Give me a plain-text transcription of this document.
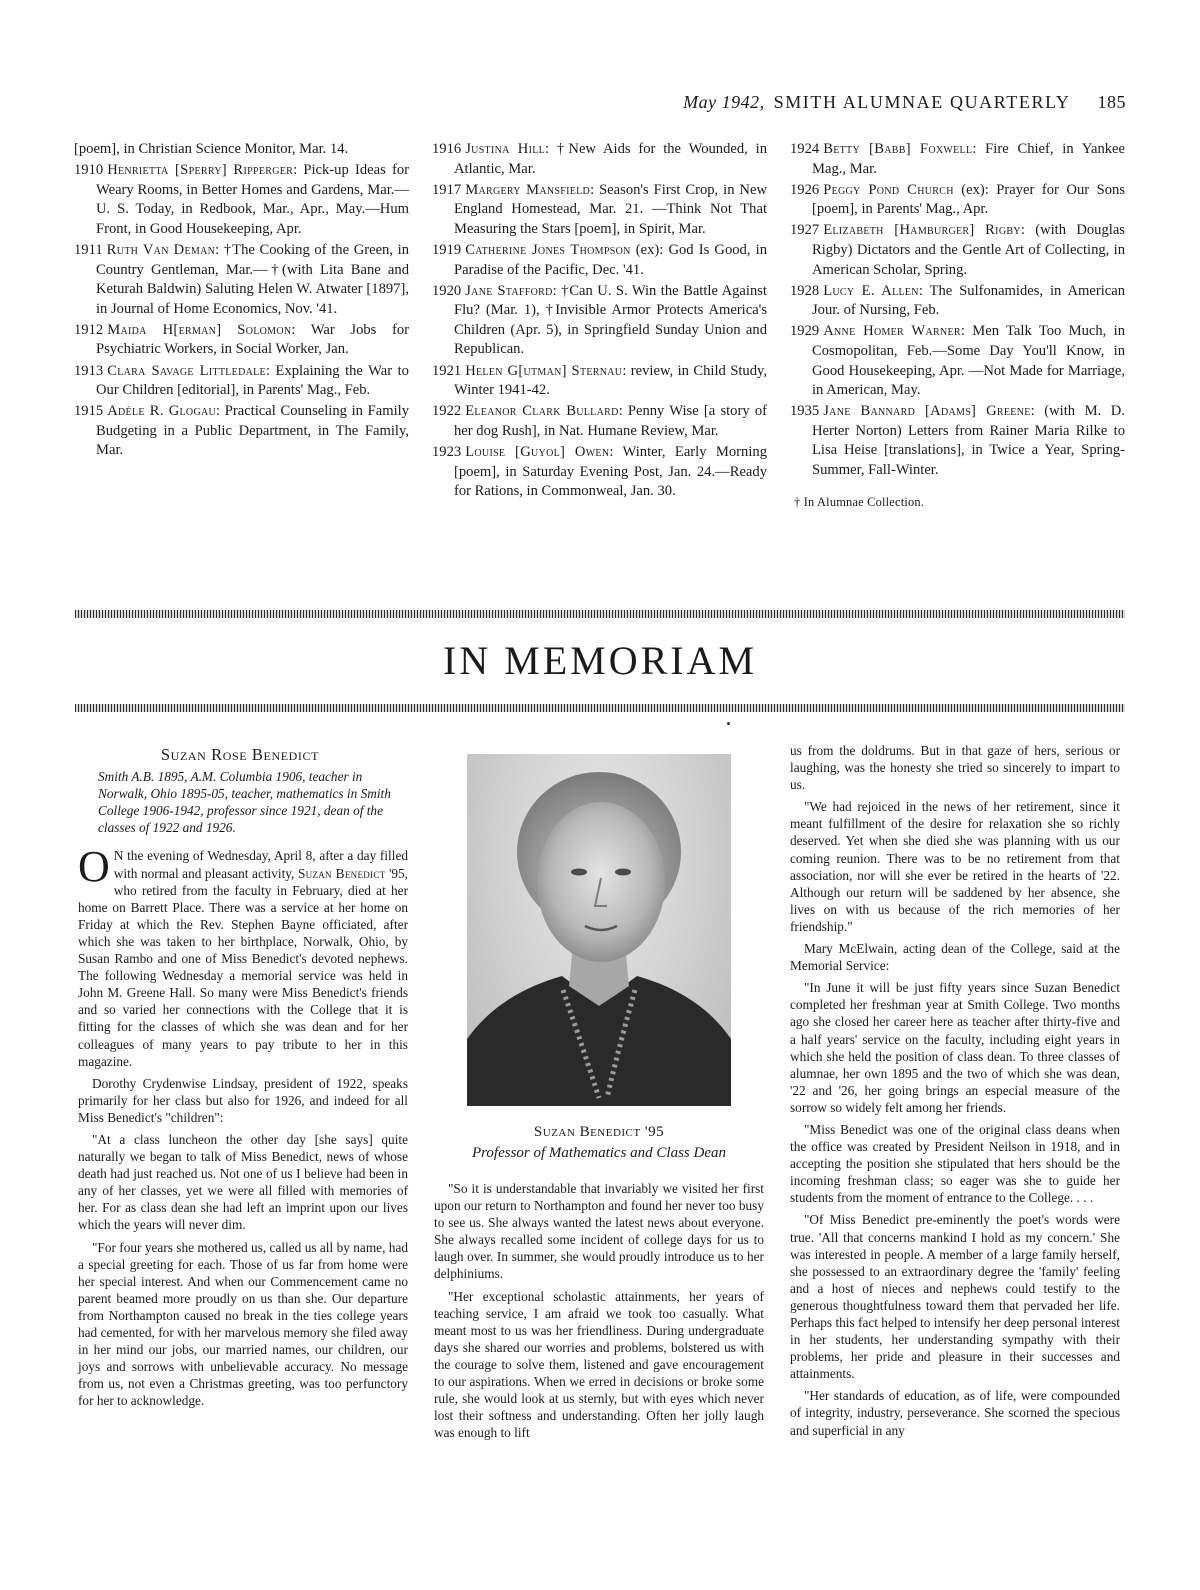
May 1942, SMITH ALUMNAE QUARTERLY 185

[poem], in Christian Science Monitor, Mar. 14.

1910 Henrietta [Sperry] Ripperger: Pick-up Ideas for Weary Rooms, in Better Homes and Gardens, Mar.—U. S. Today, in Redbook, Mar., Apr., May.—Hum Front, in Good Housekeeping, Apr.

1911 Ruth Van Deman: †The Cooking of the Green, in Country Gentleman, Mar.—†(with Lita Bane and Keturah Baldwin) Saluting Helen W. Atwater [1897], in Journal of Home Economics, Nov. '41.

1912 Maida H[erman] Solomon: War Jobs for Psychiatric Workers, in Social Worker, Jan.

1913 Clara Savage Littledale: Explaining the War to Our Children [editorial], in Parents' Mag., Feb.

1915 Adèle R. Glogau: Practical Counseling in Family Budgeting in a Public Department, in The Family, Mar.

1916 Justina Hill: †New Aids for the Wounded, in Atlantic, Mar.

1917 Margery Mansfield: Season's First Crop, in New England Homestead, Mar. 21. —Think Not That Measuring the Stars [poem], in Spirit, Mar.

1919 Catherine Jones Thompson (ex): God Is Good, in Paradise of the Pacific, Dec. '41.

1920 Jane Stafford: †Can U. S. Win the Battle Against Flu? (Mar. 1), †Invisible Armor Protects America's Children (Apr. 5), in Springfield Sunday Union and Republican.

1921 Helen G[utman] Sternau: review, in Child Study, Winter 1941-42.

1922 Eleanor Clark Bullard: Penny Wise [a story of her dog Rush], in Nat. Humane Review, Mar.

1923 Louise [Guyol] Owen: Winter, Early Morning [poem], in Saturday Evening Post, Jan. 24.—Ready for Rations, in Commonweal, Jan. 30.

1924 Betty [Babb] Foxwell: Fire Chief, in Yankee Mag., Mar.

1926 Peggy Pond Church (ex): Prayer for Our Sons [poem], in Parents' Mag., Apr.

1927 Elizabeth [Hamburger] Rigby: (with Douglas Rigby) Dictators and the Gentle Art of Collecting, in American Scholar, Spring.

1928 Lucy E. Allen: The Sulfonamides, in American Jour. of Nursing, Feb.

1929 Anne Homer Warner: Men Talk Too Much, in Cosmopolitan, Feb.—Some Day You'll Know, in Good Housekeeping, Apr. —Not Made for Marriage, in American, May.

1935 Jane Bannard [Adams] Greene: (with M. D. Herter Norton) Letters from Rainer Maria Rilke to Lisa Heise [translations], in Twice a Year, Spring-Summer, Fall-Winter.

† In Alumnae Collection.
IN MEMORIAM

Suzan Rose Benedict

Smith A.B. 1895, A.M. Columbia 1906, teacher in Norwalk, Ohio 1895-05, teacher, mathematics in Smith College 1906-1942, professor since 1921, dean of the classes of 1922 and 1926.

O N the evening of Wednesday, April 8, after a day filled with normal and pleasant activity, Suzan Benedict '95, who retired from the faculty in February, died at her home on Barrett Place. There was a service at her home on Friday at which the Rev. Stephen Bayne officiated, after which she was taken to her birthplace, Norwalk, Ohio, by Susan Rambo and one of Miss Benedict's devoted nephews. The following Wednesday a memorial service was held in John M. Greene Hall. So many were Miss Benedict's friends and so varied her connections with the College that it is fitting for the classes of which she was dean and for her colleagues of many years to pay tribute to her in this magazine.

Dorothy Crydenwise Lindsay, president of 1922, speaks primarily for her class but also for 1926, and indeed for all Miss Benedict's "children":

"At a class luncheon the other day [she says] quite naturally we began to talk of Miss Benedict, news of whose death had just reached us. Not one of us I believe had been in any of her classes, yet we were all filled with memories of her. For as class dean she had left an imprint upon our lives which the years will never dim.

"For four years she mothered us, called us all by name, had a special greeting for each. Those of us far from home were her special interest. And when our Commencement came no parent beamed more proudly on us than she. Our departure from Northampton caused no break in the ties college years had cemented, for with her marvelous memory she filed away in her mind our jobs, our married names, our children, our joys and sorrows with unbelievable accuracy. No message from us, not even a Christmas greeting, was too perfunctory for her to acknowledge.

Suzan Benedict '95
Professor of Mathematics and Class Dean

"So it is understandable that invariably we visited her first upon our return to Northampton and found her never too busy to see us. She always wanted the latest news about everyone. She always recalled some incident of college days for us to laugh over. In summer, she would proudly introduce us to her delphiniums.

"Her exceptional scholastic attainments, her years of teaching service, I am afraid we took too casually. What meant most to us was her friendliness. During undergraduate days she shared our worries and problems, bolstered us with the courage to solve them, listened and gave encouragement to our aspirations. When we erred in decisions or broke some rule, she would look at us sternly, but with eyes which never lost their softness and understanding. Often her jolly laugh was enough to lift

us from the doldrums. But in that gaze of hers, serious or laughing, was the honesty she tried so sincerely to impart to us.

"We had rejoiced in the news of her retirement, since it meant fulfillment of the desire for relaxation she so richly deserved. Yet when she died she was planning with us our coming reunion. There was to be no retirement from that association, nor will she ever be retired in the hearts of '22. Although our return will be saddened by her absence, she lives on with us because of the rich memories of her friendship."

Mary McElwain, acting dean of the College, said at the Memorial Service:

"In June it will be just fifty years since Suzan Benedict completed her freshman year at Smith College. Two months ago she closed her career here as teacher after thirty-five and a half years' service on the faculty, including eight years in which she held the position of class dean. To three classes of alumnae, her own 1895 and the two of which she was dean, '22 and '26, her going brings an especial measure of the sorrow so widely felt among her friends.

"Miss Benedict was one of the original class deans when the office was created by President Neilson in 1918, and in accepting the position she stipulated that hers should be the incoming freshman class; so eager was she to guide her students from the moment of entrance to the College. . . .

"Of Miss Benedict pre-eminently the poet's words were true. 'All that concerns mankind I hold as my concern.' She was interested in people. A member of a large family herself, she possessed to an extraordinary degree the 'family' feeling and a host of nieces and nephews could testify to the generous thoughtfulness toward them that pervaded her life. Perhaps this fact helped to intensify her deep personal interest in her students, her understanding sympathy with their problems, her pride and pleasure in their successes and attainments.

"Her standards of education, as of life, were compounded of integrity, industry, perseverance. She scorned the specious and superficial in any
